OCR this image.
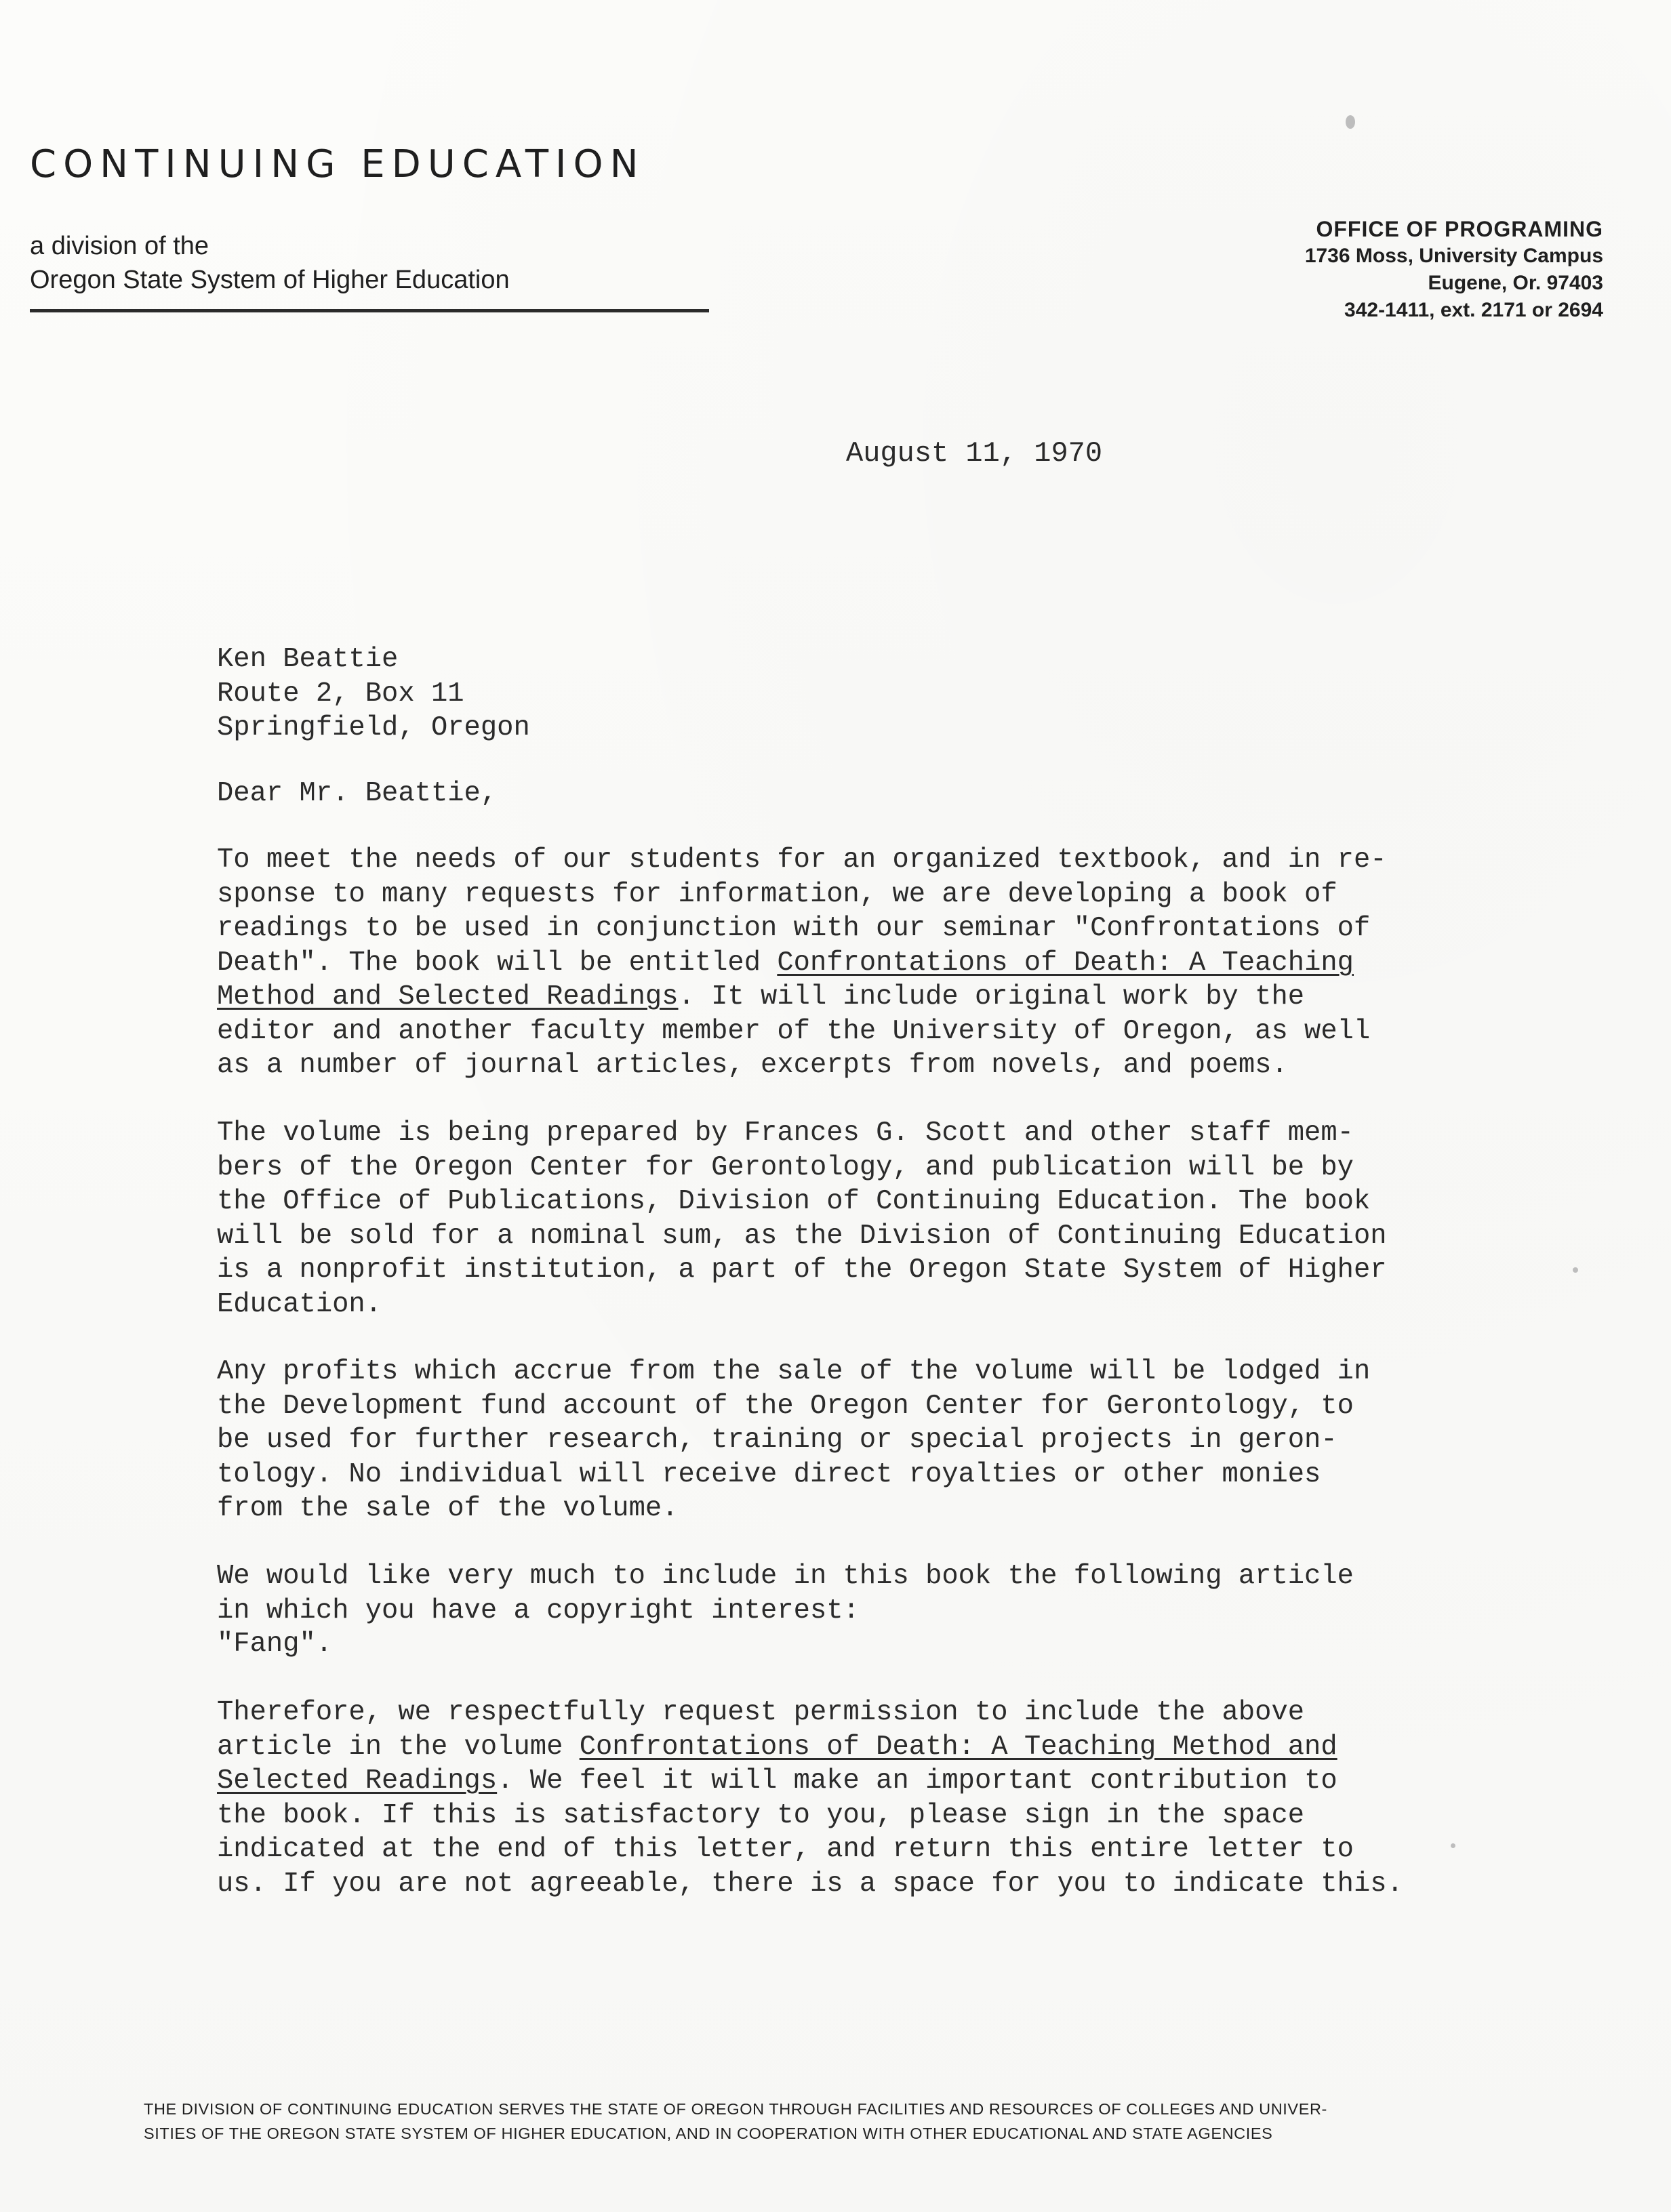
CONTINUING EDUCATION
a division of the
Oregon State System of Higher Education
OFFICE OF PROGRAMING
1736 Moss, University Campus
Eugene, Or. 97403
342-1411, ext. 2171 or 2694
August 11, 1970
Ken Beattie
Route 2, Box 11
Springfield, Oregon
Dear Mr. Beattie,
To meet the needs of our students for an organized textbook, and in re-
sponse to many requests for information, we are developing a book of
readings to be used in conjunction with our seminar "Confrontations of
Death". The book will be entitled Confrontations of Death: A Teaching
Method and Selected Readings. It will include original work by the
editor and another faculty member of the University of Oregon, as well
as a number of journal articles, excerpts from novels, and poems.
The volume is being prepared by Frances G. Scott and other staff mem-
bers of the Oregon Center for Gerontology, and publication will be by
the Office of Publications, Division of Continuing Education. The book
will be sold for a nominal sum, as the Division of Continuing Education
is a nonprofit institution, a part of the Oregon State System of Higher
Education.
Any profits which accrue from the sale of the volume will be lodged in
the Development fund account of the Oregon Center for Gerontology, to
be used for further research, training or special projects in geron-
tology. No individual will receive direct royalties or other monies
from the sale of the volume.
We would like very much to include in this book the following article
in which you have a copyright interest:
"Fang".
Therefore, we respectfully request permission to include the above
article in the volume Confrontations of Death: A Teaching Method and
Selected Readings. We feel it will make an important contribution to
the book. If this is satisfactory to you, please sign in the space
indicated at the end of this letter, and return this entire letter to
us. If you are not agreeable, there is a space for you to indicate this.
THE DIVISION OF CONTINUING EDUCATION SERVES THE STATE OF OREGON THROUGH FACILITIES AND RESOURCES OF COLLEGES AND UNIVER-
SITIES OF THE OREGON STATE SYSTEM OF HIGHER EDUCATION, AND IN COOPERATION WITH OTHER EDUCATIONAL AND STATE AGENCIES
